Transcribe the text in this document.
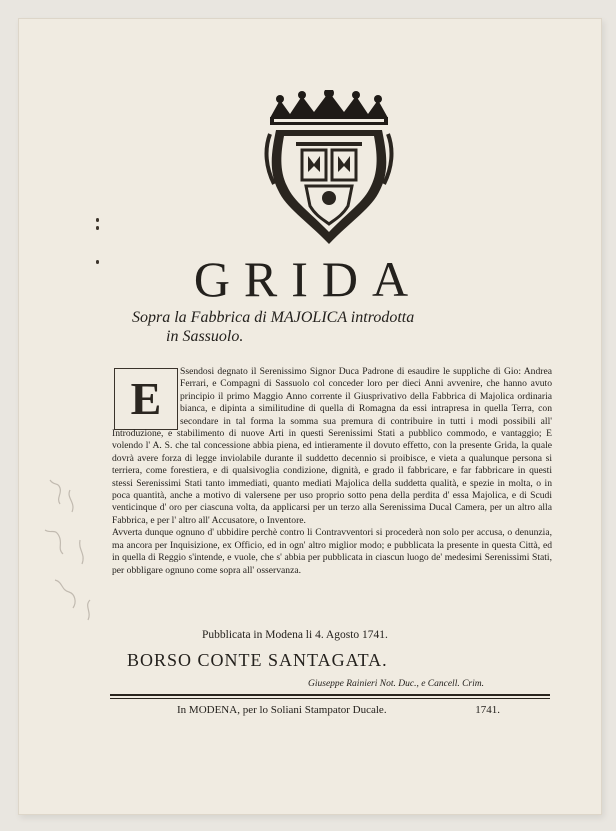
GRIDA
Sopra la Fabbrica di MAJOLICA introdotta
in Sassuolo.
E

Ssendosi degnato il Serenissimo Signor Duca Padrone di esaudire le suppliche di Gio: Andrea Ferrari, e Compagni di Sassuolo col conceder loro per dieci Anni avvenire, che hanno avuto principio il primo Maggio Anno corrente il Giusprivativo della Fabbrica di Majolica ordinaria bianca, e dipinta a similitudine di quella di Romagna da essi intrapresa in quella Terra, con secondare in tal forma la somma sua premura di contribuire in tutti i modi possibili all' Introduzione, e stabilimento di nuove Arti in questi Serenissimi Stati a pubblico commodo, e vantaggio; E volendo l' A. S. che tal concessione abbia piena, ed intieramente il dovuto effetto, con la presente Grida, la quale dovrà avere forza di legge inviolabile durante il suddetto decennio si proibisce, e vieta a qualunque persona si terriera, come forestiera, e di qualsivoglia condizione, dignità, e grado il fabbricare, e far fabbricare in questi stessi Serenissimi Stati tanto immediati, quanto mediati Majolica della suddetta qualità, e spezie in molta, o in poca quantità, anche a motivo di valersene per uso proprio sotto pena della perdita d' essa Majolica, e di Scudi venticinque d' oro per ciascuna volta, da applicarsi per un terzo alla Serenissima Ducal Camera, per un altro alla Fabbrica, e per l' altro all' Accusatore, o Inventore.

Avverta dunque ognuno d' ubbidire perchè contro li Contravventori si procederà non solo per accusa, o denunzia, ma ancora per Inquisizione, ex Officio, ed in ogn' altro miglior modo; e pubblicata la presente in questa Città, ed in quella di Reggio s'intende, e vuole, che s' abbia per pubblicata in ciascun luogo de' medesimi Serenissimi Stati, per obbligare ognuno come sopra all' osservanza.

Pubblicata in Modena li 4. Agosto 1741.
BORSO CONTE SANTAGATA.
Giuseppe Rainieri Not. Duc., e Cancell. Crim.
In MODENA, per lo Soliani Stampator Ducale.	1741.
